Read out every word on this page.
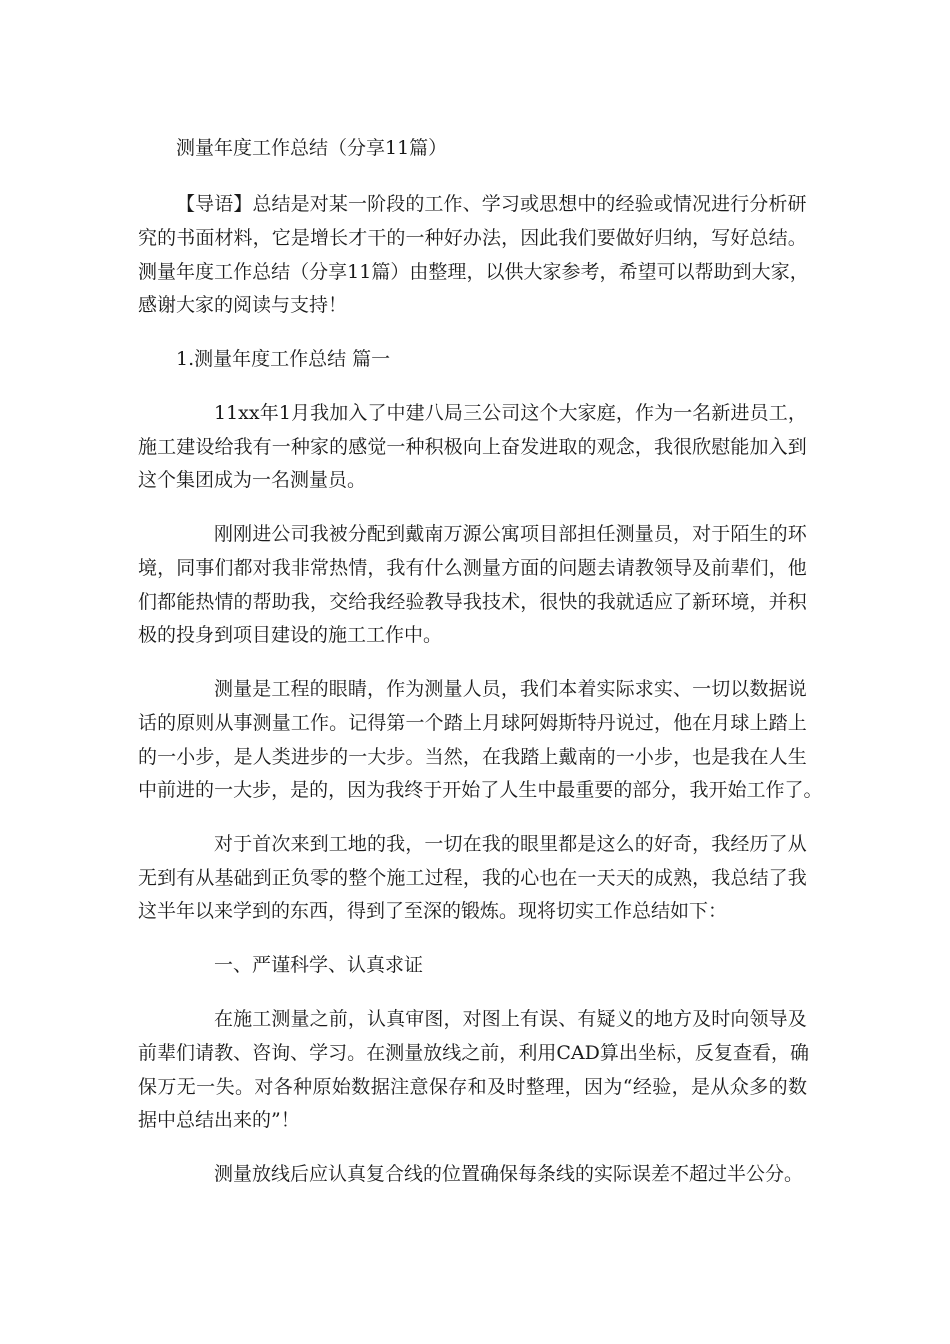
测量年度工作总结（分享11篇）
【 导 语 】 总 结 是 对 某 一 阶 段 的 工 作 、 学 习 或 思 想 中 的 经 验 或 情 况 进 行 分 析 研
究 的 书 面 材 料 ， 它 是 增 长 才 干 的 一 种 好 办 法 ， 因 此 我 们 要 做 好 归 纳 ， 写 好 总 结 。
测 量 年 度 工 作 总 结 （ 分 享 11 篇 ） 由 整 理 ， 以 供 大 家 参 考 ， 希 望 可 以 帮 助 到 大 家 ，
感谢大家的阅读与支持！
1.测量年度工作总结 篇一
11xx 年 1 月 我 加 入 了 中 建 八 局 三 公 司 这 个 大 家 庭 ， 作 为 一 名 新 进 员 工 ，
施 工 建 设 给 我 有 一 种 家 的 感 觉 一 种 积 极 向 上 奋 发 进 取 的 观 念 ， 我 很 欣 慰 能 加 入 到
这个集团成为一名测量员。
刚 刚 进 公 司 我 被 分 配 到 戴 南 万 源 公 寓 项 目 部 担 任 测 量 员 ， 对 于 陌 生 的 环
境 ， 同 事 们 都 对 我 非 常 热 情 ， 我 有 什 么 测 量 方 面 的 问 题 去 请 教 领 导 及 前 辈 们 ， 他
们 都 能 热 情 的 帮 助 我 ， 交 给 我 经 验 教 导 我 技 术 ， 很 快 的 我 就 适 应 了 新 环 境 ， 并 积
极的投身到项目建设的施工工作中。
测 量 是 工 程 的 眼 睛 ， 作 为 测 量 人 员 ， 我 们 本 着 实 际 求 实 、 一 切 以 数 据 说
话 的 原 则 从 事 测 量 工 作 。 记 得 第 一 个 踏 上 月 球 阿 姆 斯 特 丹 说 过 ， 他 在 月 球 上 踏 上
的 一 小 步 ， 是 人 类 进 步 的 一 大 步 。 当 然 ， 在 我 踏 上 戴 南 的 一 小 步 ， 也 是 我 在 人 生
中 前 进 的 一 大 步 ， 是 的 ， 因 为 我 终 于 开 始 了 人 生 中 最 重 要 的 部 分 ， 我 开 始 工 作 了 。
对 于 首 次 来 到 工 地 的 我 ， 一 切 在 我 的 眼 里 都 是 这 么 的 好 奇 ， 我 经 历 了 从
无 到 有 从 基 础 到 正 负 零 的 整 个 施 工 过 程 ， 我 的 心 也 在 一 天 天 的 成 熟 ， 我 总 结 了 我
这半年以来学到的东西，得到了至深的锻炼。现将切实工作总结如下：
一、严谨科学、认真求证
在 施 工 测 量 之 前 ， 认 真 审 图 ， 对 图 上 有 误 、 有 疑 义 的 地 方 及 时 向 领 导 及
前 辈 们 请 教 、 咨 询 、 学 习 。 在 测 量 放 线 之 前 ， 利 用 CAD 算 出 坐 标 ， 反 复 查 看 ， 确
保 万 无 一 失 。 对 各 种 原 始 数 据 注 意 保 存 和 及 时 整 理 ， 因 为 “ 经 验 ， 是 从 众 多 的 数
据中总结出来的”！
测量放线后应认真复合线的位置确保每条线的实际误差不超过半公分。
